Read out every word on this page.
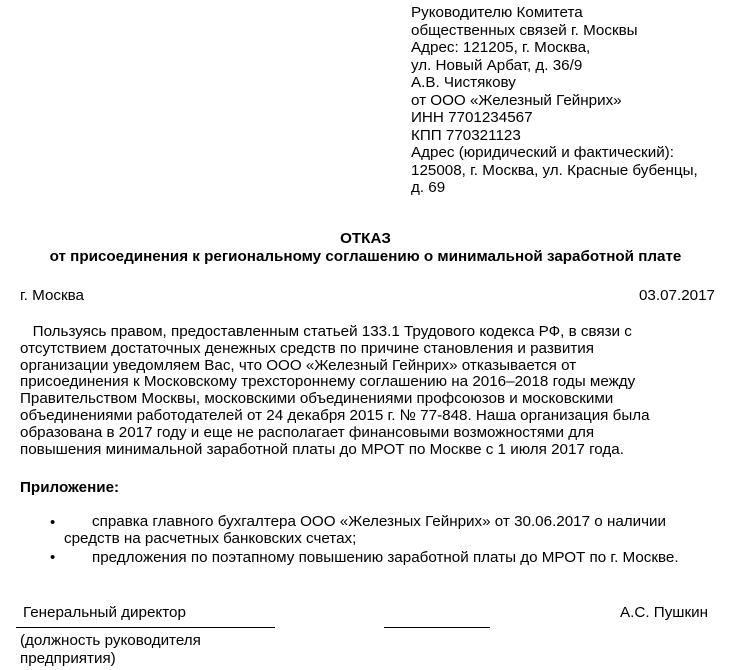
Руководителю Комитета
общественных связей г. Москвы
Адрес: 121205, г. Москва,
ул. Новый Арбат, д. 36/9
А.В. Чистякову
от ООО «Железный Гейнрих»
ИНН 7701234567
КПП 770321123
Адрес (юридический и фактический):
125008, г. Москва, ул. Красные бубенцы,
д. 69
ОТКАЗ
от присоединения к региональному соглашению о минимальной заработной плате
г. Москва	03.07.2017
Пользуясь правом, предоставленным статьей 133.1 Трудового кодекса РФ, в связи с
отсутствием достаточных денежных средств по причине становления и развития
организации уведомляем Вас, что ООО «Железный Гейнрих» отказывается от
присоединения к Московскому трехстороннему соглашению на 2016–2018 годы между
Правительством Москвы, московскими объединениями профсоюзов и московскими
объединениями работодателей от 24 декабря 2015 г. № 77-848. Наша организация была
образована в 2017 году и еще не располагает финансовыми возможностями для
повышения минимальной заработной платы до МРОТ по Москве с 1 июля 2017 года.
Приложение:
• справка главного бухгалтера ООО «Железных Гейнрих» от 30.06.2017 о наличии
средств на расчетных банковских счетах;
• предложения по поэтапному повышению заработной платы до МРОТ по г. Москве.
Генеральный директор	А.С. Пушкин
(должность руководителя
предприятия)
